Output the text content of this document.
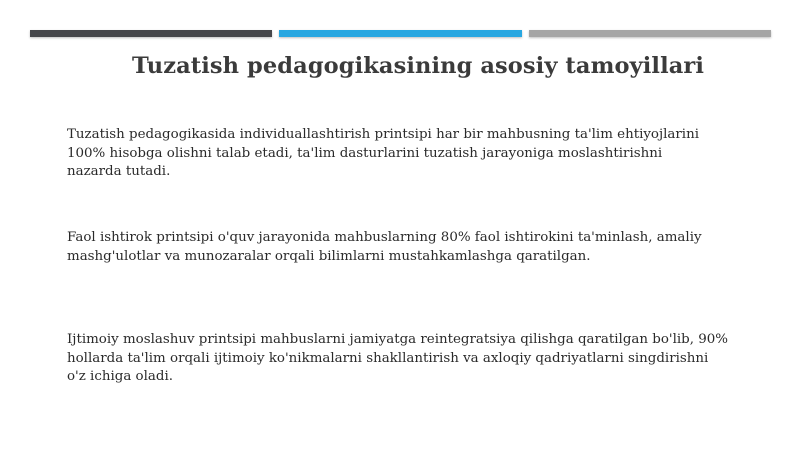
Tuzatish pedagogikasining asosiy tamoyillari

Tuzatish pedagogikasida individuallashtirish printsipi har bir mahbusning ta'lim ehtiyojlarini
100% hisobga olishni talab etadi, ta'lim dasturlarini tuzatish jarayoniga moslashtirishni
nazarda tutadi.

Faol ishtirok printsipi o'quv jarayonida mahbuslarning 80% faol ishtirokini ta'minlash, amaliy
mashg'ulotlar va munozaralar orqali bilimlarni mustahkamlashga qaratilgan.

Ijtimoiy moslashuv printsipi mahbuslarni jamiyatga reintegratsiya qilishga qaratilgan bo'lib, 90%
hollarda ta'lim orqali ijtimoiy ko'nikmalarni shakllantirish va axloqiy qadriyatlarni singdirishni
o'z ichiga oladi.
